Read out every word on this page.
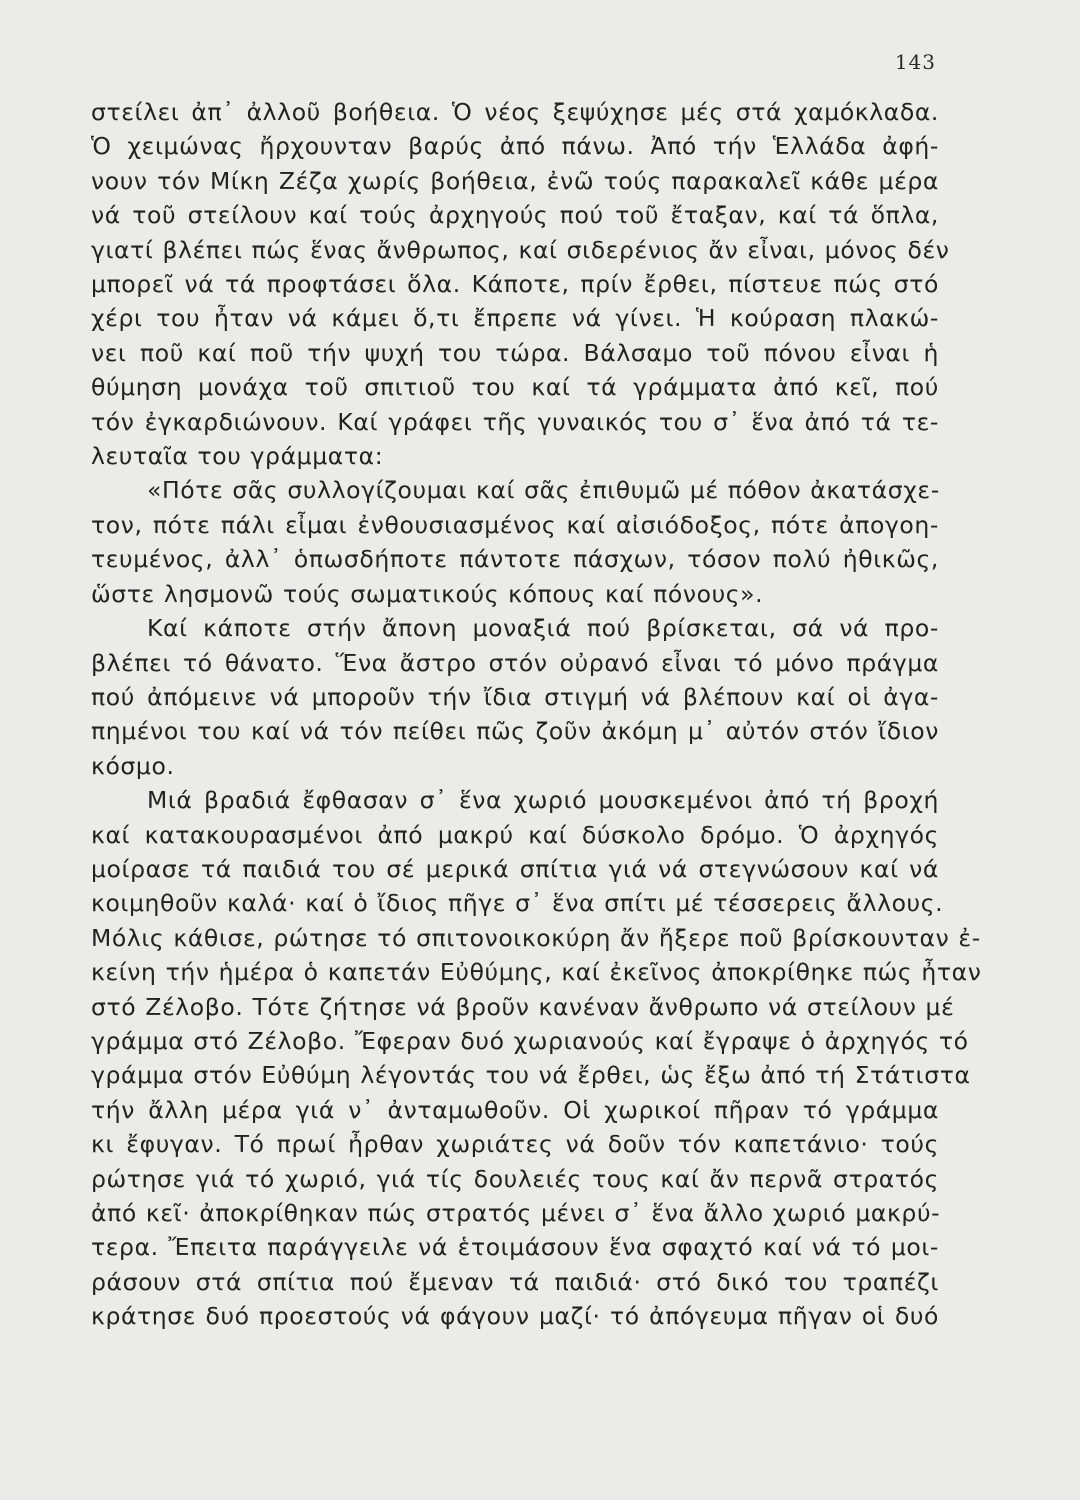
143
στείλει ἀπ᾽ ἀλλοῦ βοήθεια. Ὁ νέος ξεψύχησε μές στά χαμόκλαδα.
Ὁ χειμώνας ἤρχουνταν βαρύς ἀπό πάνω. Ἀπό τήν Ἑλλάδα ἀφή-
νουν τόν Μίκη Ζέζα χωρίς βοήθεια, ἐνῶ τούς παρακαλεῖ κάθε μέρα
νά τοῦ στείλουν καί τούς ἀρχηγούς πού τοῦ ἔταξαν, καί τά ὅπλα,
γιατί βλέπει πώς ἕνας ἄνθρωπος, καί σιδερένιος ἄν εἶναι, μόνος δέν
μπορεῖ νά τά προφτάσει ὅλα. Κάποτε, πρίν ἔρθει, πίστευε πώς στό
χέρι του ἦταν νά κάμει ὅ,τι ἔπρεπε νά γίνει. Ἡ κούραση πλακώ-
νει ποῦ καί ποῦ τήν ψυχή του τώρα. Βάλσαμο τοῦ πόνου εἶναι ἡ
θύμηση μονάχα τοῦ σπιτιοῦ του καί τά γράμματα ἀπό κεῖ, πού
τόν ἐγκαρδιώνουν. Καί γράφει τῆς γυναικός του σ᾽ ἕνα ἀπό τά τε-
λευταῖα του γράμματα:
«Πότε σᾶς συλλογίζουμαι καί σᾶς ἐπιθυμῶ μέ πόθον ἀκατάσχε-
τον, πότε πάλι εἶμαι ἐνθουσιασμένος καί αἰσιόδοξος, πότε ἀπογοη-
τευμένος, ἀλλ᾽ ὁπωσδήποτε πάντοτε πάσχων, τόσον πολύ ἠθικῶς,
ὥστε λησμονῶ τούς σωματικούς κόπους καί πόνους».
Καί κάποτε στήν ἄπονη μοναξιά πού βρίσκεται, σά νά προ-
βλέπει τό θάνατο. Ἕνα ἄστρο στόν οὐρανό εἶναι τό μόνο πράγμα
πού ἀπόμεινε νά μποροῦν τήν ἴδια στιγμή νά βλέπουν καί οἱ ἀγα-
πημένοι του καί νά τόν πείθει πῶς ζοῦν ἀκόμη μ᾽ αὐτόν στόν ἴδιον
κόσμο.
Μιά βραδιά ἔφθασαν σ᾽ ἕνα χωριό μουσκεμένοι ἀπό τή βροχή
καί κατακουρασμένοι ἀπό μακρύ καί δύσκολο δρόμο. Ὁ ἀρχηγός
μοίρασε τά παιδιά του σέ μερικά σπίτια γιά νά στεγνώσουν καί νά
κοιμηθοῦν καλά· καί ὁ ἴδιος πῆγε σ᾽ ἕνα σπίτι μέ τέσσερεις ἄλλους.
Μόλις κάθισε, ρώτησε τό σπιτονοικοκύρη ἄν ἤξερε ποῦ βρίσκουνταν ἐ-
κείνη τήν ἡμέρα ὁ καπετάν Εὐθύμης, καί ἐκεῖνος ἀποκρίθηκε πώς ἦταν
στό Ζέλοβο. Τότε ζήτησε νά βροῦν κανέναν ἄνθρωπο νά στείλουν μέ
γράμμα στό Ζέλοβο. Ἔφεραν δυό χωριανούς καί ἔγραψε ὁ ἀρχηγός τό
γράμμα στόν Εὐθύμη λέγοντάς του νά ἔρθει, ὡς ἔξω ἀπό τή Στάτιστα
τήν ἄλλη μέρα γιά ν᾽ ἀνταμωθοῦν. Οἱ χωρικοί πῆραν τό γράμμα
κι ἔφυγαν. Τό πρωί ἦρθαν χωριάτες νά δοῦν τόν καπετάνιο· τούς
ρώτησε γιά τό χωριό, γιά τίς δουλειές τους καί ἄν περνᾶ στρατός
ἀπό κεῖ· ἀποκρίθηκαν πώς στρατός μένει σ᾽ ἕνα ἄλλο χωριό μακρύ-
τερα. Ἔπειτα παράγγειλε νά ἑτοιμάσουν ἕνα σφαχτό καί νά τό μοι-
ράσουν στά σπίτια πού ἔμεναν τά παιδιά· στό δικό του τραπέζι
κράτησε δυό προεστούς νά φάγουν μαζί· τό ἀπόγευμα πῆγαν οἱ δυό
